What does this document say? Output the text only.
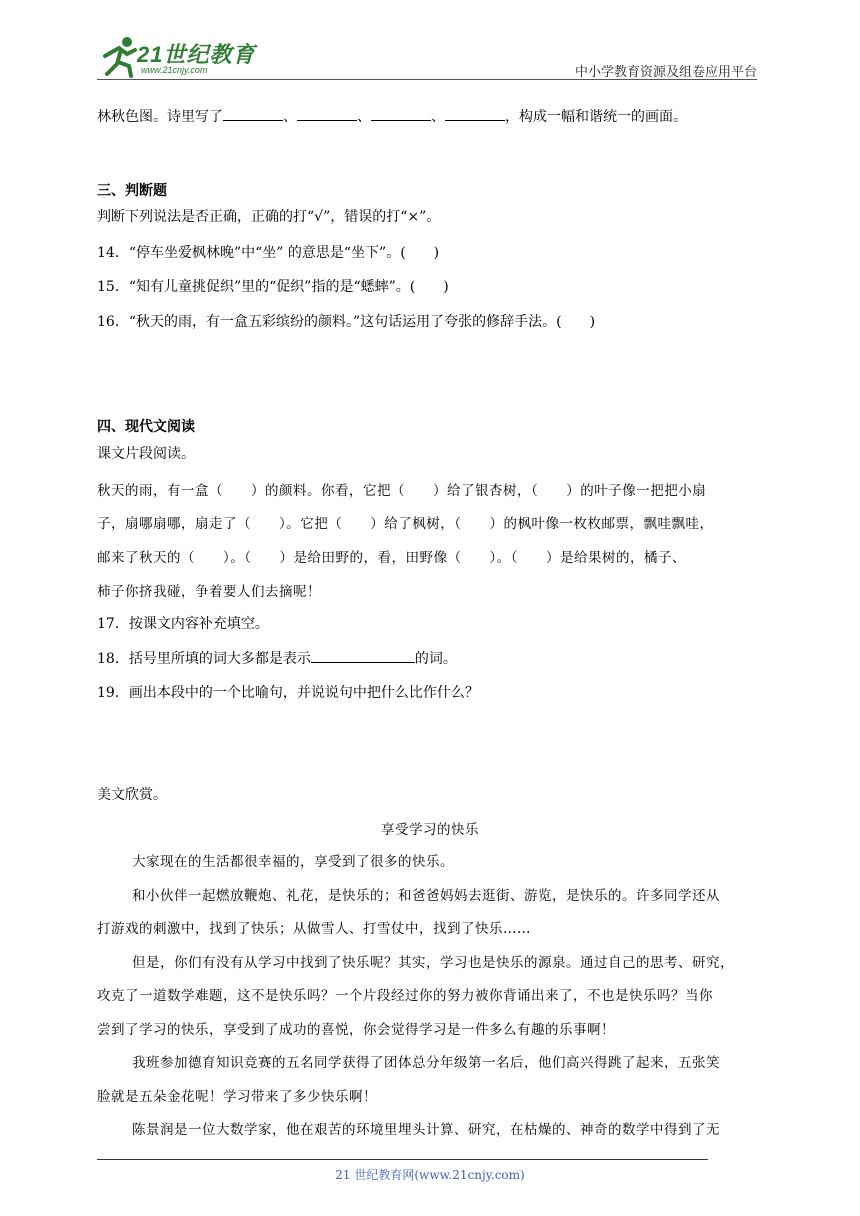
21世纪教育
www.21cnjy.com	中小学教育资源及组卷应用平台
林秋色图。诗里写了	、	、	、	，构成一幅和谐统一的画面。
三、判断题
判断下列说法是否正确，正确的打“√”，错误的打“×”。
14．“停车坐爱枫林晚”中“坐” 的意思是“坐下”。(　　)
15．“知有儿童挑促织”里的“促织”指的是“蟋蟀”。(　　)
16．“秋天的雨，有一盒五彩缤纷的颜料。”这句话运用了夸张的修辞手法。(　　)
四、现代文阅读
课文片段阅读。
秋天的雨，有一盒（　　）的颜料。你看，它把（　　）给了银杏树，（　　）的叶子像一把把小扇
子，扇哪扇哪，扇走了（　　）。它把（　　）给了枫树，（　　）的枫叶像一枚枚邮票，飘哇飘哇，
邮来了秋天的（　　）。（　　）是给田野的，看，田野像（　　）。（　　）是给果树的，橘子、
柿子你挤我碰，争着要人们去摘呢！
17．按课文内容补充填空。
18．括号里所填的词大多都是表示	的词。
19．画出本段中的一个比喻句，并说说句中把什么比作什么？
美文欣赏。
享受学习的快乐
大家现在的生活都很幸福的，享受到了很多的快乐。
和小伙伴一起燃放鞭炮、礼花，是快乐的；和爸爸妈妈去逛街、游览，是快乐的。许多同学还从
打游戏的刺激中，找到了快乐；从做雪人、打雪仗中，找到了快乐……
但是，你们有没有从学习中找到了快乐呢？其实，学习也是快乐的源泉。通过自己的思考、研究，
攻克了一道数学难题，这不是快乐吗？一个片段经过你的努力被你背诵出来了，不也是快乐吗？当你
尝到了学习的快乐，享受到了成功的喜悦，你会觉得学习是一件多么有趣的乐事啊！
我班参加德育知识竞赛的五名同学获得了团体总分年级第一名后，他们高兴得跳了起来，五张笑
脸就是五朵金花呢！学习带来了多少快乐啊！
陈景润是一位大数学家，他在艰苦的环境里埋头计算、研究，在枯燥的、神奇的数学中得到了无
21 世纪教育网(www.21cnjy.com)
